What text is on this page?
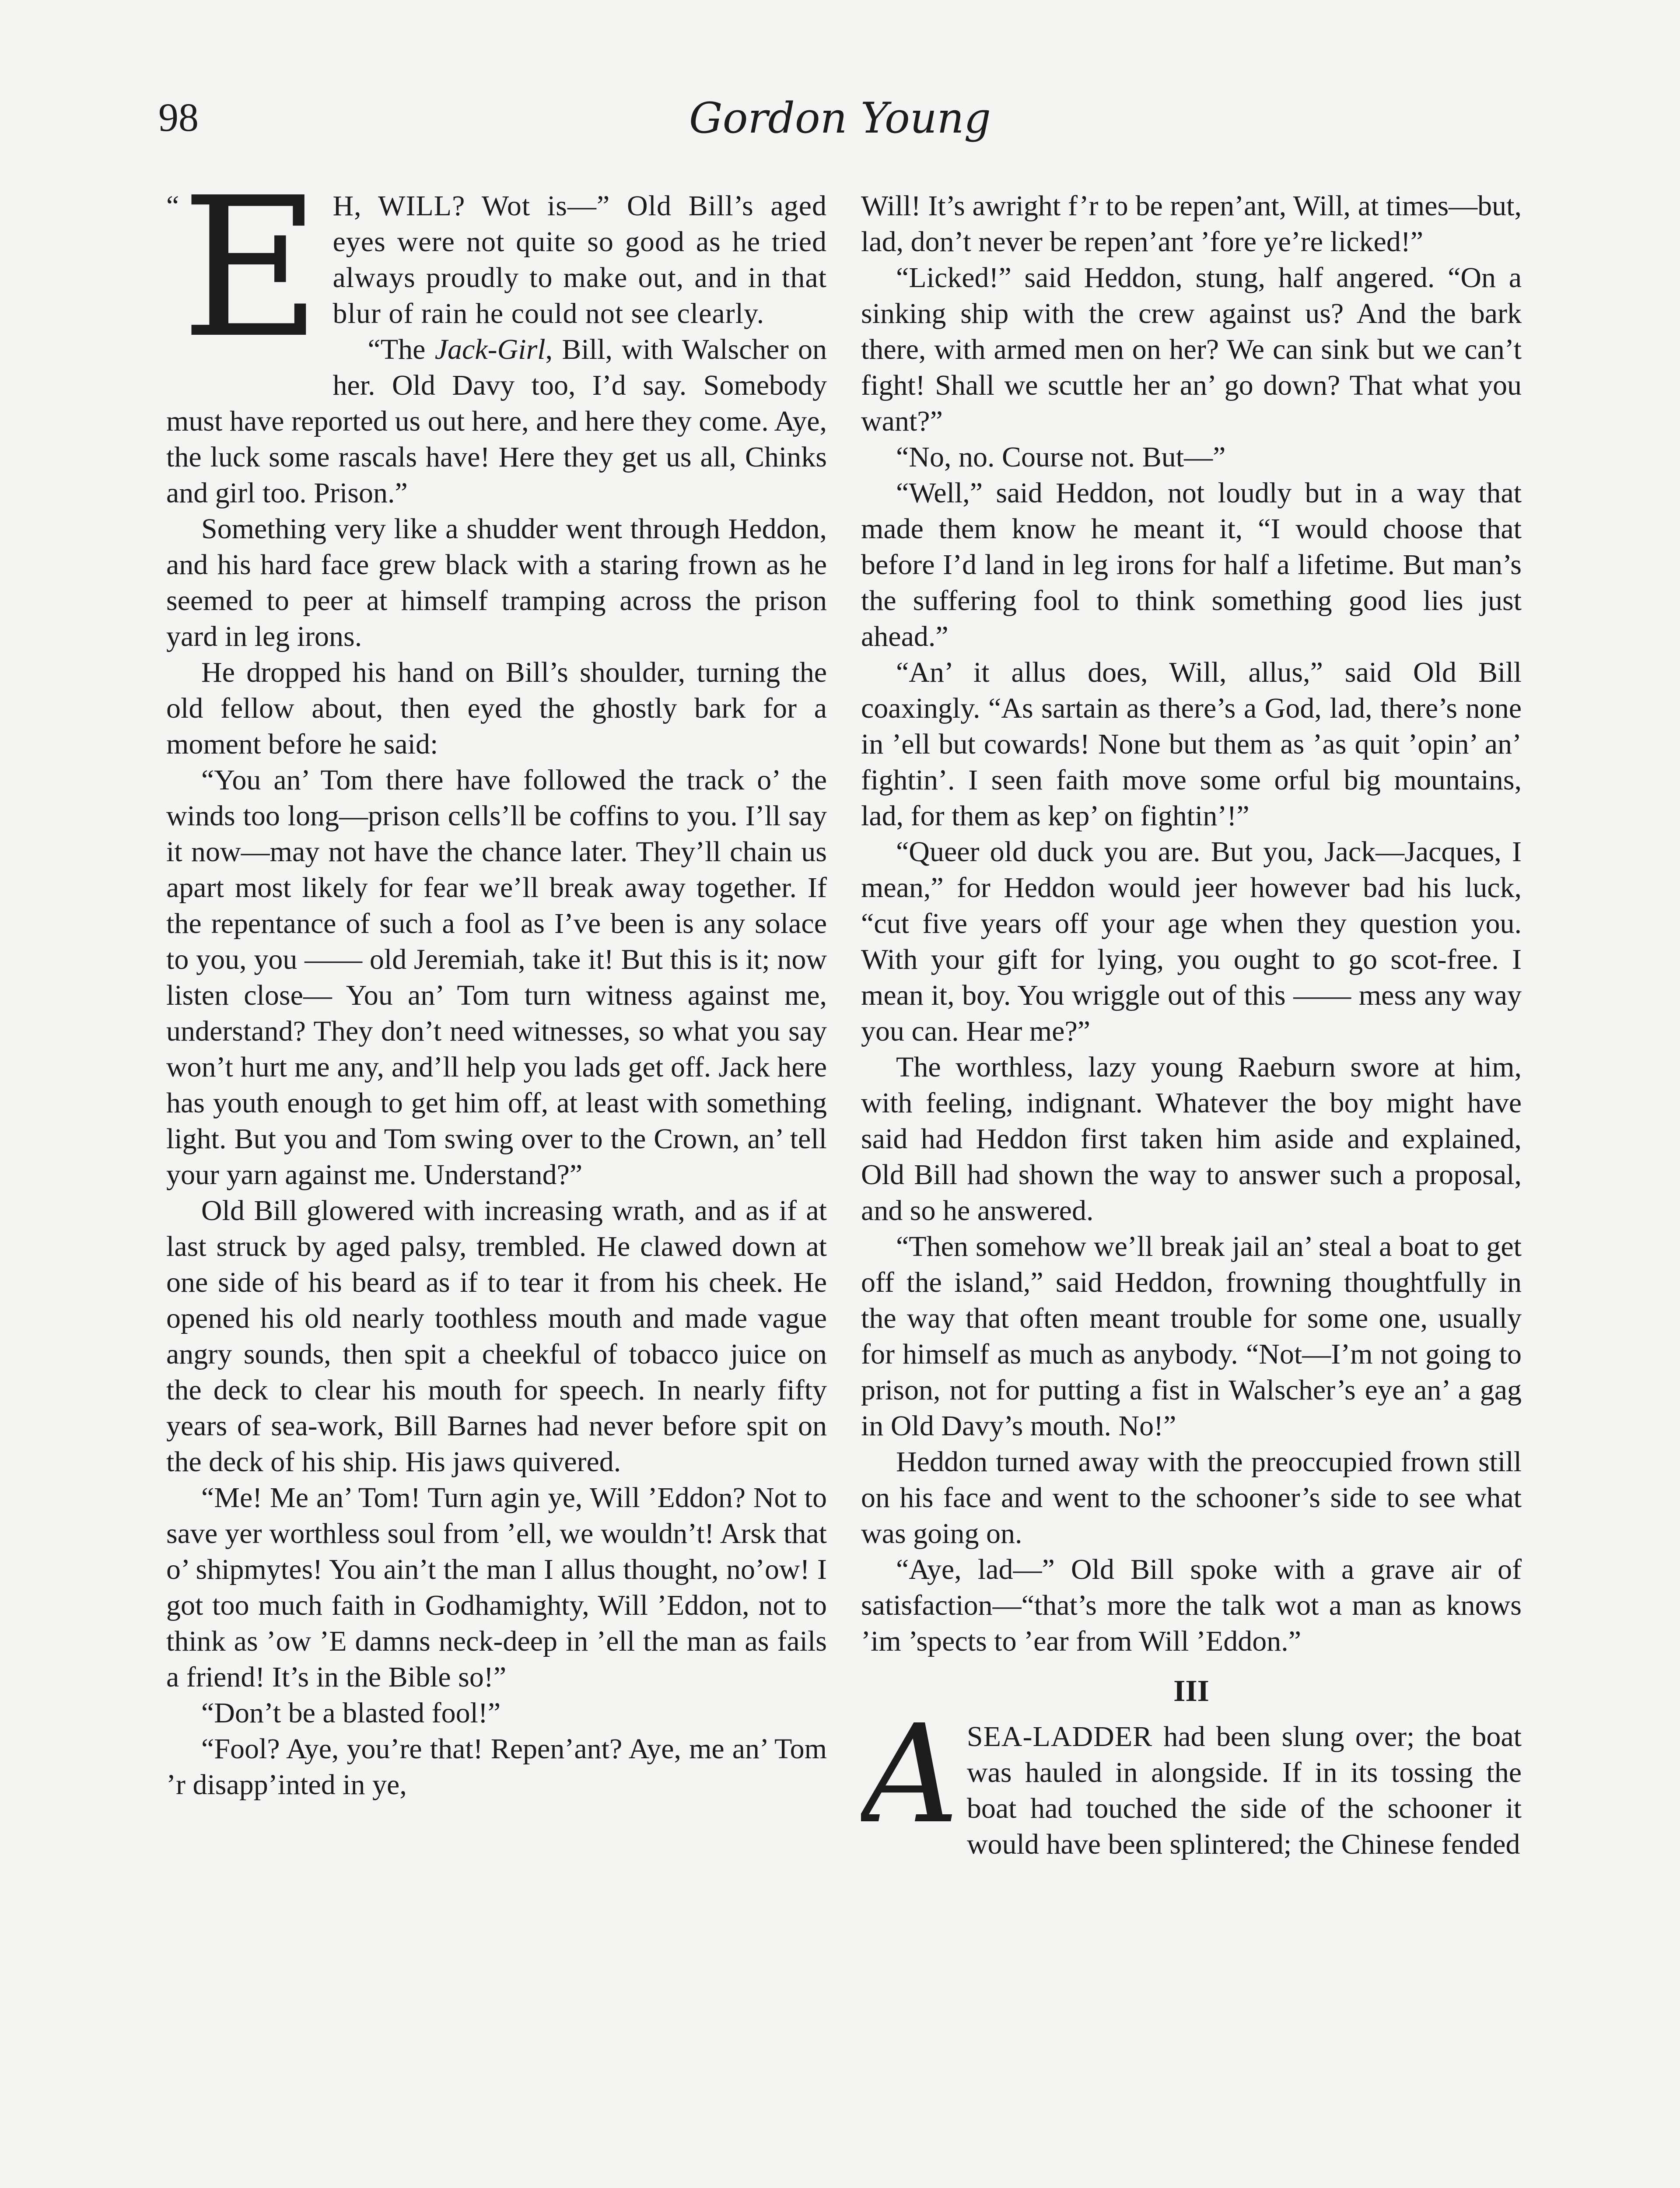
98	Gordon Young

“ E H, WILL? Wot is—” Old Bill’s aged eyes were not quite so good as he tried always proudly to make out, and in that blur of rain he could not see clearly.

“The Jack-Girl, Bill, with Walscher on her. Old Davy too, I’d say. Somebody must have reported us out here, and here they come. Aye, the luck some rascals have! Here they get us all, Chinks and girl too. Prison.”

Something very like a shudder went through Heddon, and his hard face grew black with a staring frown as he seemed to peer at himself tramping across the prison yard in leg irons.

He dropped his hand on Bill’s shoulder, turning the old fellow about, then eyed the ghostly bark for a moment before he said:

“You an’ Tom there have followed the track o’ the winds too long—prison cells’ll be coffins to you. I’ll say it now—may not have the chance later. They’ll chain us apart most likely for fear we’ll break away together. If the repentance of such a fool as I’ve been is any solace to you, you —— old Jeremiah, take it! But this is it; now listen close— You an’ Tom turn witness against me, understand? They don’t need witnesses, so what you say won’t hurt me any, and’ll help you lads get off. Jack here has youth enough to get him off, at least with something light. But you and Tom swing over to the Crown, an’ tell your yarn against me. Understand?”

Old Bill glowered with increasing wrath, and as if at last struck by aged palsy, trembled. He clawed down at one side of his beard as if to tear it from his cheek. He opened his old nearly toothless mouth and made vague angry sounds, then spit a cheekful of tobacco juice on the deck to clear his mouth for speech. In nearly fifty years of sea-work, Bill Barnes had never before spit on the deck of his ship. His jaws quivered.

“Me! Me an’ Tom! Turn agin ye, Will ’Eddon? Not to save yer worthless soul from ’ell, we wouldn’t! Arsk that o’ shipmytes! You ain’t the man I allus thought, no’ow! I got too much faith in Godhamighty, Will ’Eddon, not to think as ’ow ’E damns neck-deep in ’ell the man as fails a friend! It’s in the Bible so!”

“Don’t be a blasted fool!”

“Fool? Aye, you’re that! Repen’ant? Aye, me an’ Tom ’r disapp’inted in ye,

Will! It’s awright f’r to be repen’ant, Will, at times—but, lad, don’t never be repen’ant ’fore ye’re licked!”

“Licked!” said Heddon, stung, half angered. “On a sinking ship with the crew against us? And the bark there, with armed men on her? We can sink but we can’t fight! Shall we scuttle her an’ go down? That what you want?”

“No, no. Course not. But—”

“Well,” said Heddon, not loudly but in a way that made them know he meant it, “I would choose that before I’d land in leg irons for half a lifetime. But man’s the suffering fool to think something good lies just ahead.”

“An’ it allus does, Will, allus,” said Old Bill coaxingly. “As sartain as there’s a God, lad, there’s none in ’ell but cowards! None but them as ’as quit ’opin’ an’ fightin’. I seen faith move some orful big mountains, lad, for them as kep’ on fightin’!”

“Queer old duck you are. But you, Jack—Jacques, I mean,” for Heddon would jeer however bad his luck, “cut five years off your age when they question you. With your gift for lying, you ought to go scot-free. I mean it, boy. You wriggle out of this —— mess any way you can. Hear me?”

The worthless, lazy young Raeburn swore at him, with feeling, indignant. Whatever the boy might have said had Heddon first taken him aside and explained, Old Bill had shown the way to answer such a proposal, and so he answered.

“Then somehow we’ll break jail an’ steal a boat to get off the island,” said Heddon, frowning thoughtfully in the way that often meant trouble for some one, usually for himself as much as anybody. “Not—I’m not going to prison, not for putting a fist in Walscher’s eye an’ a gag in Old Davy’s mouth. No!”

Heddon turned away with the preoccupied frown still on his face and went to the schooner’s side to see what was going on.

“Aye, lad—” Old Bill spoke with a grave air of satisfaction—“that’s more the talk wot a man as knows ’im ’spects to ’ear from Will ’Eddon.”

III

ASEA-LADDER had been slung over; the boat was hauled in alongside. If in its tossing the boat had touched the side of the schooner it would have been splintered; the Chinese fended
